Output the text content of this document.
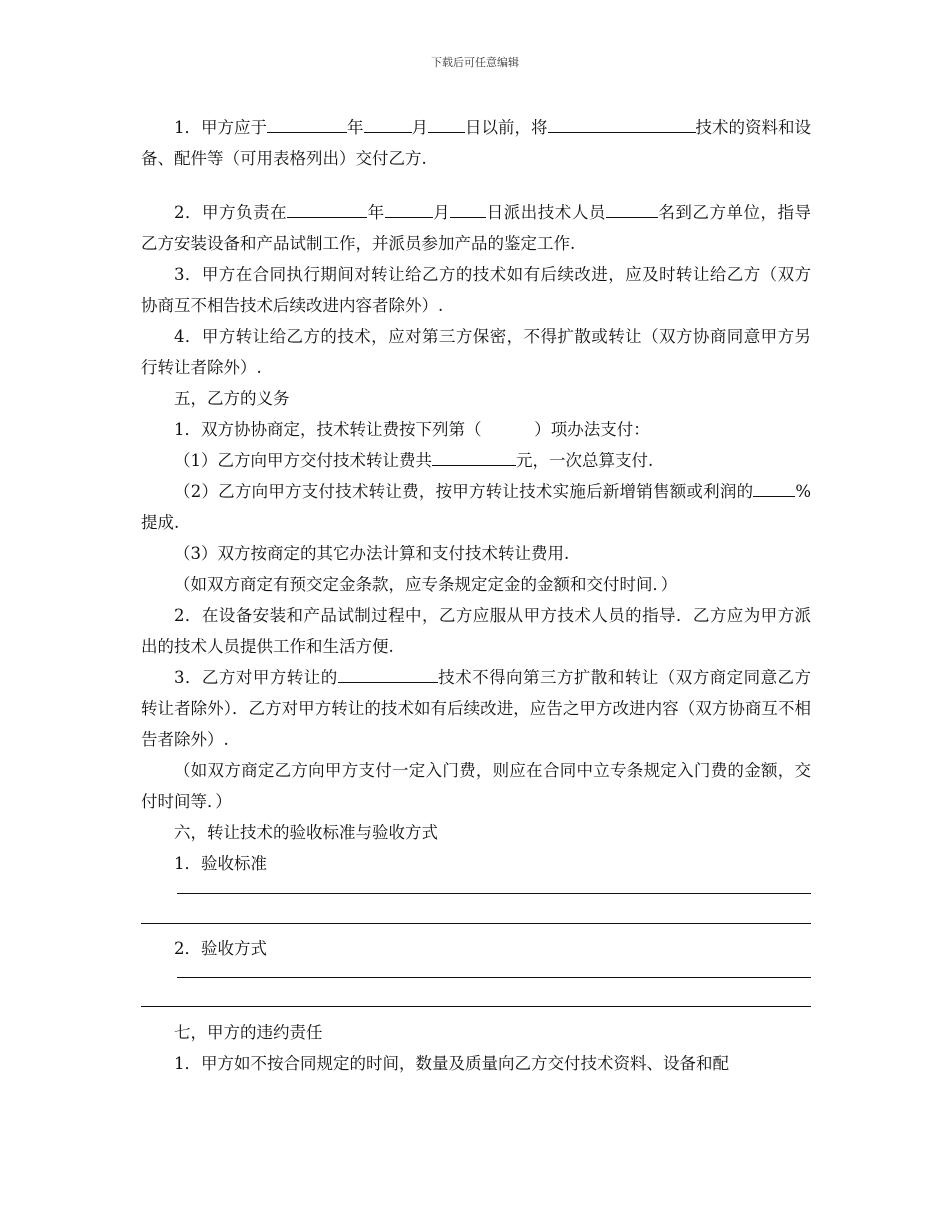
下载后可任意编辑

1．甲方应于	年	月 日以前，将	技术的资料和设备、配件等（可用表格列出）交付乙方.

2．甲方负责在	年	月 日派出技术人员	名到乙方单位，指导乙方安装设备和产品试制工作，并派员参加产品的鉴定工作.

3．甲方在合同执行期间对转让给乙方的技术如有后续改进，应及时转让给乙方（双方协商互不相告技术后续改进内容者除外）.

4．甲方转让给乙方的技术，应对第三方保密，不得扩散或转让（双方协商同意甲方另行转让者除外）.

五，乙方的义务

1．双方协协商定，技术转让费按下列第（	）项办法支付：

（1）乙方向甲方交付技术转让费共	元，一次总算支付.

（2）乙方向甲方支付技术转让费，按甲方转让技术实施后新增销售额或利润的	%提成.

（3）双方按商定的其它办法计算和支付技术转让费用.

（如双方商定有预交定金条款，应专条规定定金的金额和交付时间．）

2．在设备安装和产品试制过程中，乙方应服从甲方技术人员的指导．乙方应为甲方派出的技术人员提供工作和生活方便.

3．乙方对甲方转让的	技术不得向第三方扩散和转让（双方商定同意乙方转让者除外）．乙方对甲方转让的技术如有后续改进，应告之甲方改进内容（双方协商互不相告者除外）.

（如双方商定乙方向甲方支付一定入门费，则应在合同中立专条规定入门费的金额，交付时间等．）

六，转让技术的验收标准与验收方式

1．验收标准

2．验收方式

七，甲方的违约责任

1．甲方如不按合同规定的时间，数量及质量向乙方交付技术资料、设备和配
